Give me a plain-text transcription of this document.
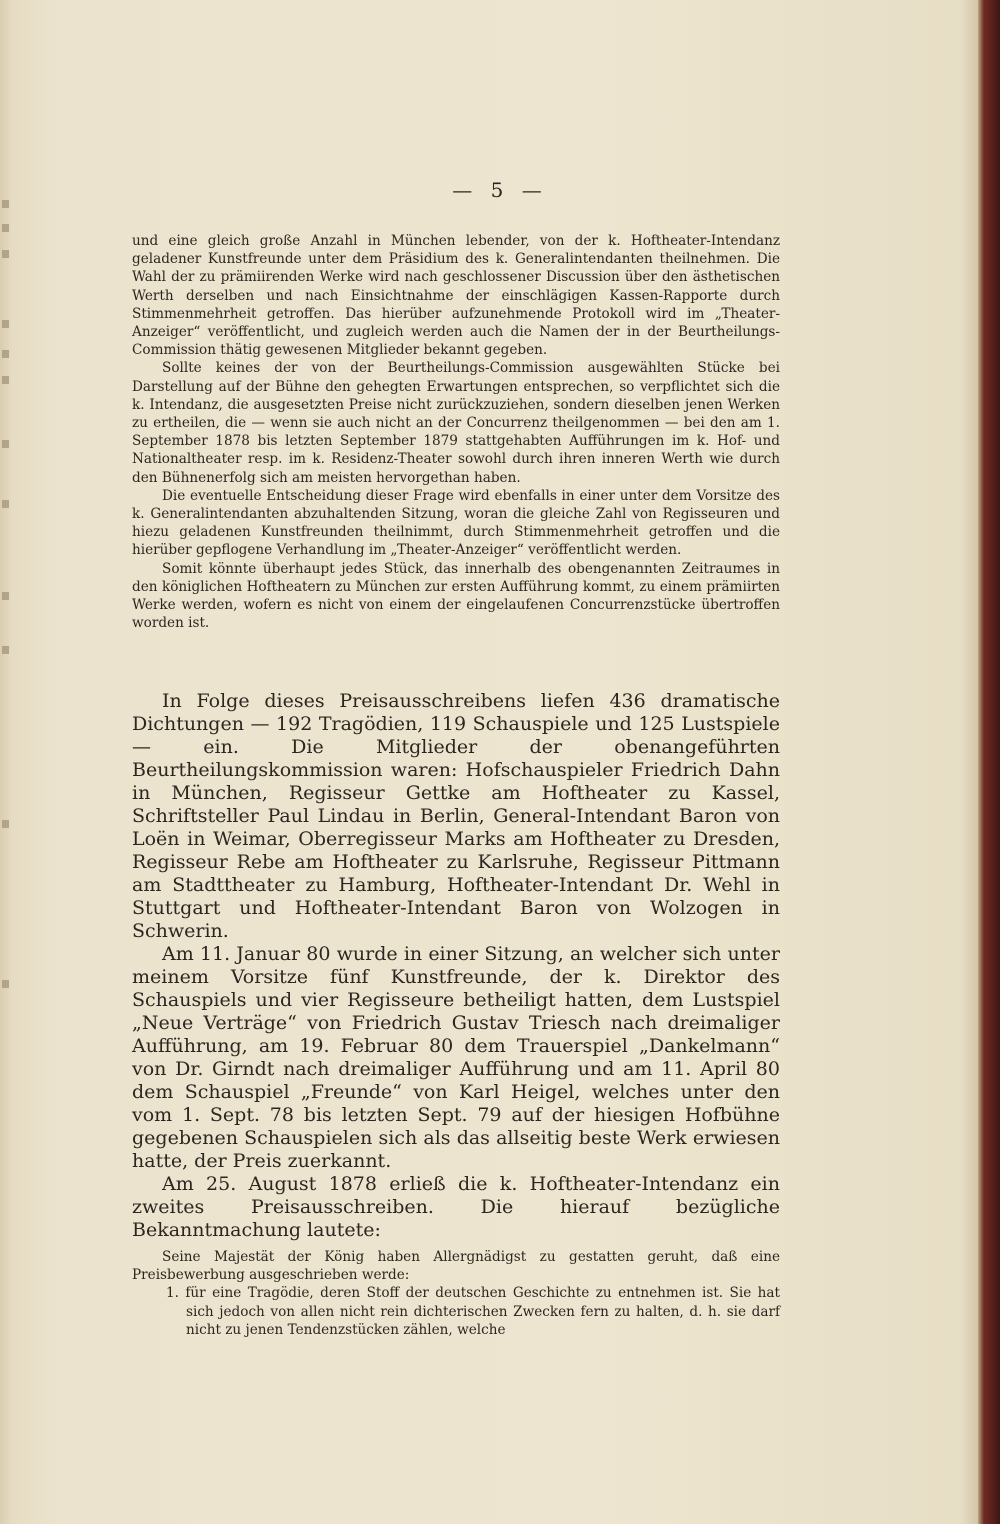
— 5 —

und eine gleich große Anzahl in München lebender, von der k. Hoftheater-Intendanz geladener Kunstfreunde unter dem Präsidium des k. Generalintendanten theilnehmen. Die Wahl der zu prämiirenden Werke wird nach geschlossener Discussion über den ästhetischen Werth derselben und nach Einsichtnahme der einschlägigen Kassen-Rapporte durch Stimmenmehrheit getroffen. Das hierüber aufzunehmende Protokoll wird im „Theater-Anzeiger“ veröffentlicht, und zugleich werden auch die Namen der in der Beurtheilungs-Commission thätig gewesenen Mitglieder bekannt gegeben.

Sollte keines der von der Beurtheilungs-Commission ausgewählten Stücke bei Darstellung auf der Bühne den gehegten Erwartungen entsprechen, so verpflichtet sich die k. Intendanz, die ausgesetzten Preise nicht zurückzuziehen, sondern dieselben jenen Werken zu ertheilen, die — wenn sie auch nicht an der Concurrenz theilgenommen — bei den am 1. September 1878 bis letzten September 1879 stattgehabten Aufführungen im k. Hof- und Nationaltheater resp. im k. Residenz-Theater sowohl durch ihren inneren Werth wie durch den Bühnenerfolg sich am meisten hervorgethan haben.

Die eventuelle Entscheidung dieser Frage wird ebenfalls in einer unter dem Vorsitze des k. Generalintendanten abzuhaltenden Sitzung, woran die gleiche Zahl von Regisseuren und hiezu geladenen Kunstfreunden theilnimmt, durch Stimmenmehrheit getroffen und die hierüber gepflogene Verhandlung im „Theater-Anzeiger“ veröffentlicht werden.

Somit könnte überhaupt jedes Stück, das innerhalb des obengenannten Zeitraumes in den königlichen Hoftheatern zu München zur ersten Aufführung kommt, zu einem prämiirten Werke werden, wofern es nicht von einem der eingelaufenen Concurrenzstücke übertroffen worden ist.

In Folge dieses Preisausschreibens liefen 436 dramatische Dichtungen — 192 Tragödien, 119 Schauspiele und 125 Lustspiele — ein. Die Mitglieder der obenangeführten Beurtheilungskommission waren: Hofschauspieler Friedrich Dahn in München, Regisseur Gettke am Hoftheater zu Kassel, Schriftsteller Paul Lindau in Berlin, General-Intendant Baron von Loën in Weimar, Oberregisseur Marks am Hoftheater zu Dresden, Regisseur Rebe am Hoftheater zu Karlsruhe, Regisseur Pittmann am Stadttheater zu Hamburg, Hoftheater-Intendant Dr. Wehl in Stuttgart und Hoftheater-Intendant Baron von Wolzogen in Schwerin.

Am 11. Januar 80 wurde in einer Sitzung, an welcher sich unter meinem Vorsitze fünf Kunstfreunde, der k. Direktor des Schauspiels und vier Regisseure betheiligt hatten, dem Lustspiel „Neue Verträge“ von Friedrich Gustav Triesch nach dreimaliger Aufführung, am 19. Februar 80 dem Trauerspiel „Dankelmann“ von Dr. Girndt nach dreimaliger Aufführung und am 11. April 80 dem Schauspiel „Freunde“ von Karl Heigel, welches unter den vom 1. Sept. 78 bis letzten Sept. 79 auf der hiesigen Hofbühne gegebenen Schauspielen sich als das allseitig beste Werk erwiesen hatte, der Preis zuerkannt.

Am 25. August 1878 erließ die k. Hoftheater-Intendanz ein zweites Preisausschreiben. Die hierauf bezügliche Bekanntmachung lautete:

Seine Majestät der König haben Allergnädigst zu gestatten geruht, daß eine Preisbewerbung ausgeschrieben werde:

1. für eine Tragödie, deren Stoff der deutschen Geschichte zu entnehmen ist. Sie hat sich jedoch von allen nicht rein dichterischen Zwecken fern zu halten, d. h. sie darf nicht zu jenen Tendenzstücken zählen, welche
